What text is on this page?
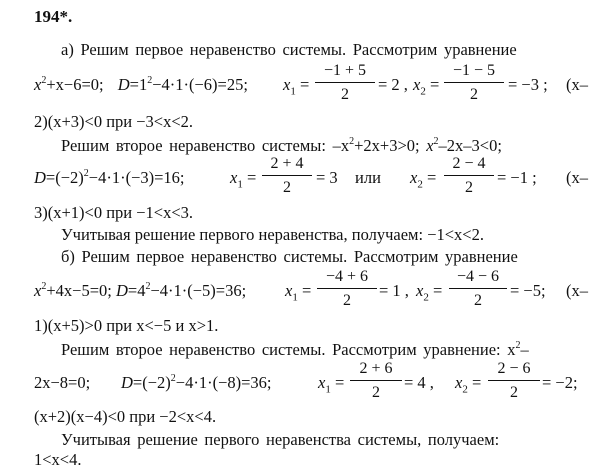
194*.
а) Решим первое неравенство системы. Рассмотрим уравнение
$x^2+x-6=0$; $D=1^2-4\cdot 1\cdot(-6)=25$; $x_1$ =
−1 + 5
2
= 2 , $x_2$ =
−1 − 5
2
= −3 ; (x–
2)(x+3)<0 при −3<x<2.
Решим второе неравенство системы: $-x^2+2x+3>0$; $x^2-2x-3<0$;
$D=(-2)^2-4\cdot 1\cdot(-3)=16$;	$x_1$ =
2 + 4
2
= 3 или $x_2$ =
2 − 4
2
= −1 ; (x–
3)(x+1)<0 при −1<x<3.
Учитывая решение первого неравенства, получаем: −1<x<2.
б) Решим первое неравенство системы. Рассмотрим уравнение
$x^2+4x-5=0$; $D=4^2-4\cdot 1\cdot(-5)=36$; $x_1$ =
−4 + 6
2
= 1 , $x_2$ =
−4 − 6
2
= −5; (x–
1)(x+5)>0 при x<−5 и x>1.
Решим второе неравенство системы. Рассмотрим уравнение: $x^2-$
2x−8=0; $D=(-2)^2-4\cdot 1\cdot(-8)=36$;	$x_1$ =
2 + 6
2
= 4 , $x_2$ =
2 − 6
2
= −2;
(x+2)(x−4)<0 при −2<x<4.
Учитывая решение первого неравенства системы, получаем:
1<x<4.
